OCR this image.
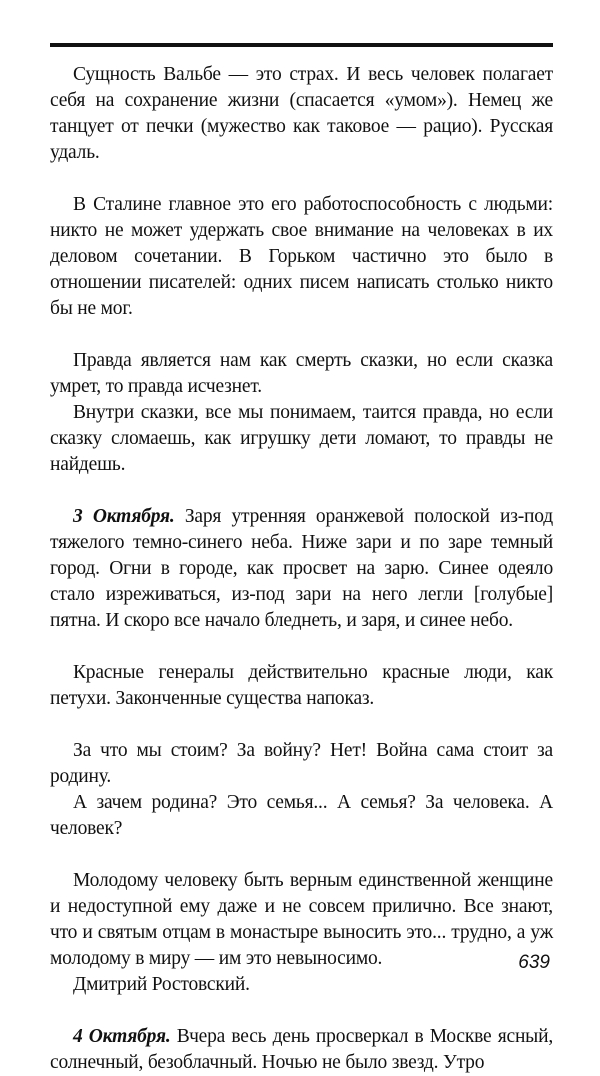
Сущность Вальбе — это страх. И весь человек полагает себя на сохранение жизни (спасается «умом»). Немец же танцует от печки (мужество как таковое — рацио). Русская удаль.

В Сталине главное это его работоспособность с людьми: никто не может удержать свое внимание на человеках в их деловом сочетании. В Горьком частично это было в отношении писателей: одних писем написать столько никто бы не мог.

Правда является нам как смерть сказки, но если сказка умрет, то правда исчезнет.

Внутри сказки, все мы понимаем, таится правда, но если сказку сломаешь, как игрушку дети ломают, то правды не найдешь.

3 Октября. Заря утренняя оранжевой полоской из-под тяжелого темно-синего неба. Ниже зари и по заре темный город. Огни в городе, как просвет на зарю. Синее одеяло стало изреживаться, из-под зари на него легли [голубые] пятна. И скоро все начало бледнеть, и заря, и синее небо.

Красные генералы действительно красные люди, как петухи. Законченные существа напоказ.

За что мы стоим? За войну? Нет! Война сама стоит за родину.

А зачем родина? Это семья... А семья? За человека. А человек?

Молодому человеку быть верным единственной женщине и недоступной ему даже и не совсем прилично. Все знают, что и святым отцам в монастыре выносить это... трудно, а уж молодому в миру — им это невыносимо.

Дмитрий Ростовский.

4 Октября. Вчера весь день просверкал в Москве ясный, солнечный, безоблачный. Ночью не было звезд. Утро

639
